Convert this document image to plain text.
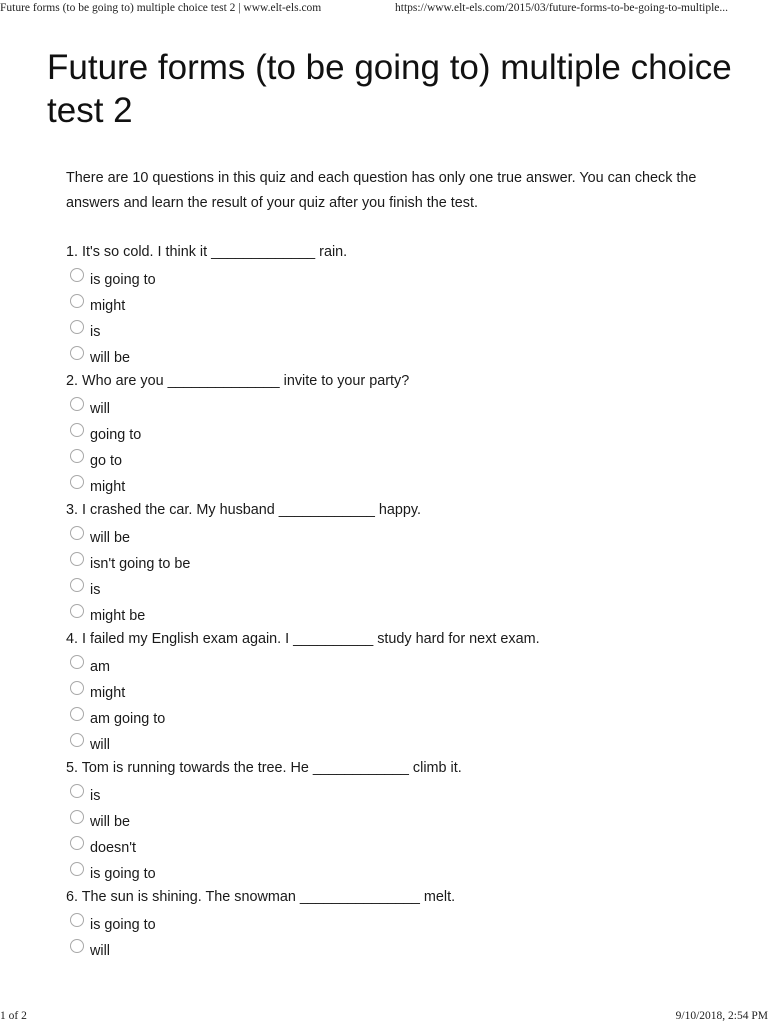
Future forms (to be going to) multiple choice test 2 | www.elt-els.com	https://www.elt-els.com/2015/03/future-forms-to-be-going-to-multiple...
Future forms (to be going to) multiple choice test 2

There are 10 questions in this quiz and each question has only one true answer. You can check the answers and learn the result of your quiz after you finish the test.

1. It's so cold. I think it _____________ rain.
is going to
might
is
will be
2. Who are you ______________ invite to your party?
will
going to
go to
might
3. I crashed the car. My husband ____________ happy.
will be
isn't going to be
is
might be
4. I failed my English exam again. I __________ study hard for next exam.
am
might
am going to
will
5. Tom is running towards the tree. He ____________ climb it.
is
will be
doesn't
is going to
6. The sun is shining. The snowman _______________ melt.
is going to
will
1 of 2	9/10/2018, 2:54 PM
